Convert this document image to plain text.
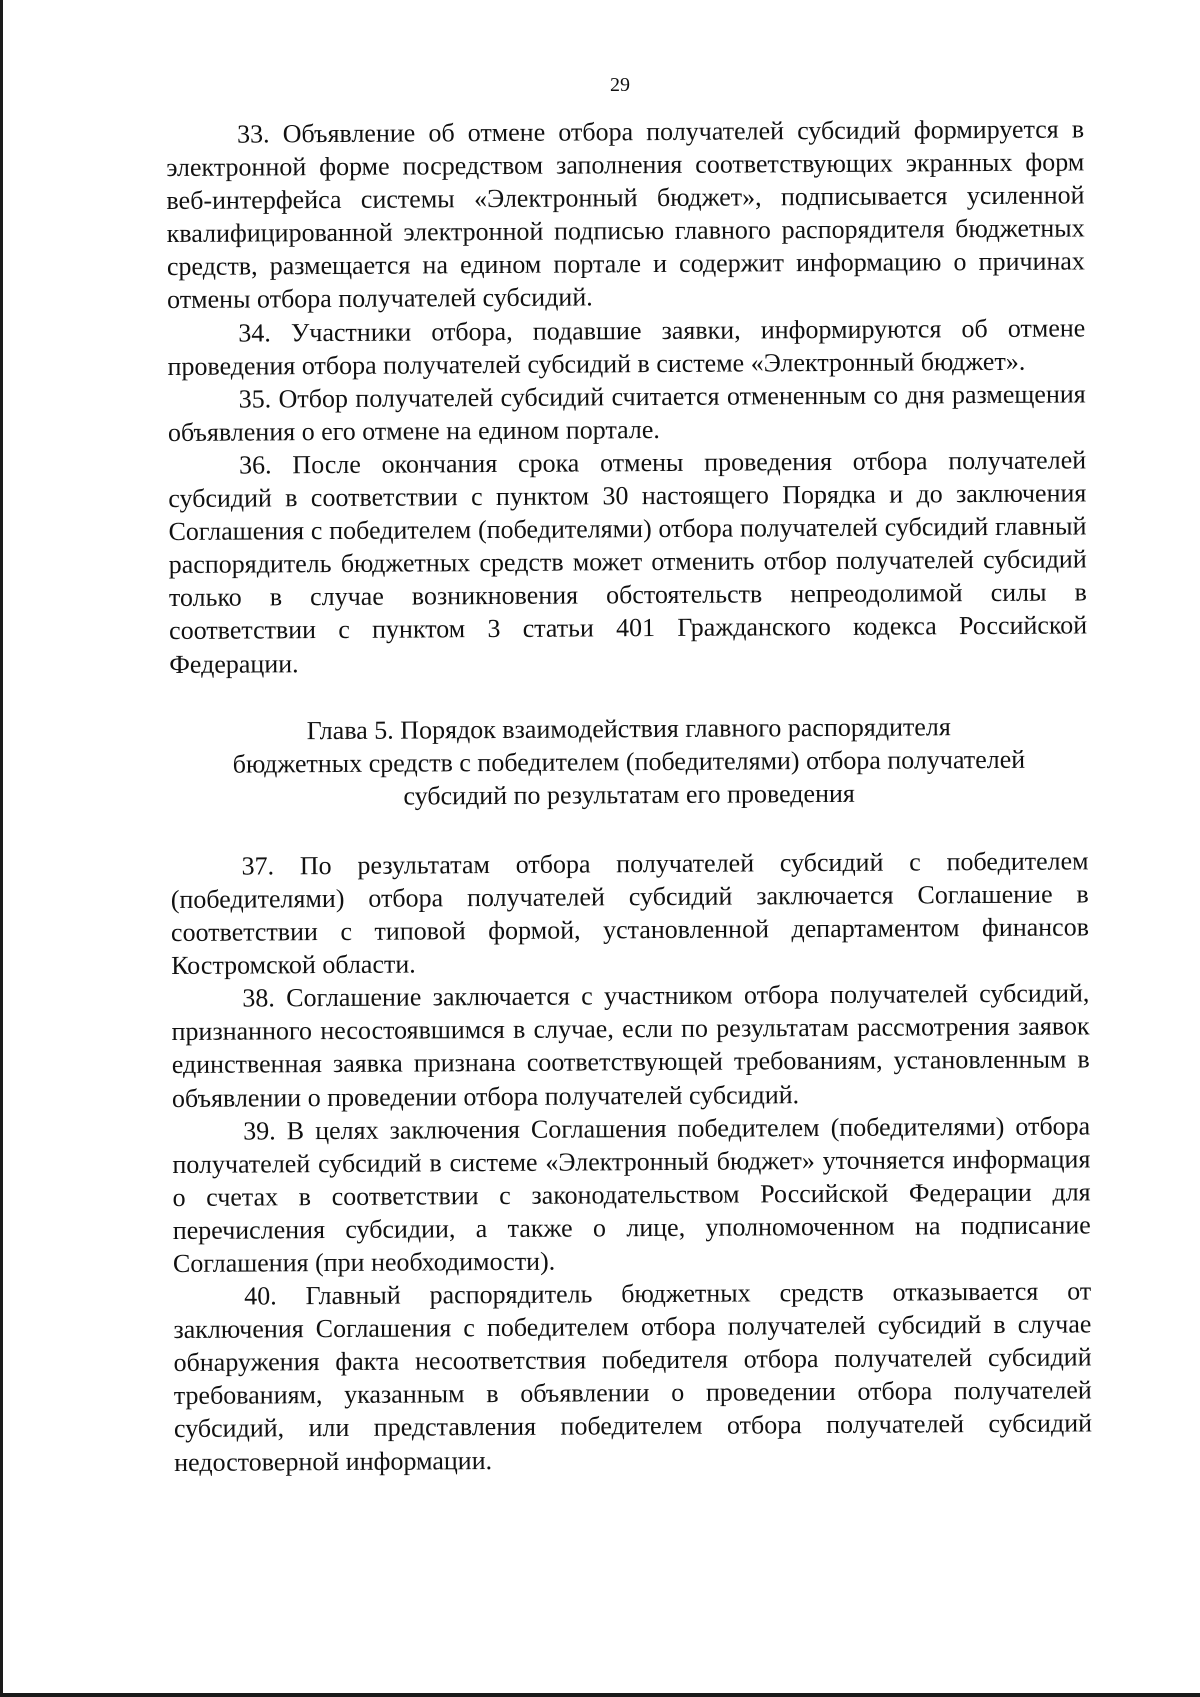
29

33. Объявление об отмене отбора получателей субсидий формируется в электронной форме посредством заполнения соответствующих экранных форм веб-интерфейса системы «Электронный бюджет», подписывается усиленной квалифицированной электронной подписью главного распорядителя бюджетных средств, размещается на едином портале и содержит информацию о причинах отмены отбора получателей субсидий.

34. Участники отбора, подавшие заявки, информируются об отмене проведения отбора получателей субсидий в системе «Электронный бюджет».

35. Отбор получателей субсидий считается отмененным со дня размещения объявления о его отмене на едином портале.

36. После окончания срока отмены проведения отбора получателей субсидий в соответствии с пунктом 30 настоящего Порядка и до заключения Соглашения с победителем (победителями) отбора получателей субсидий главный распорядитель бюджетных средств может отменить отбор получателей субсидий только в случае возникновения обстоятельств непреодолимой силы в соответствии с пунктом 3 статьи 401 Гражданского кодекса Российской Федерации.

Глава 5. Порядок взаимодействия главного распорядителя
бюджетных средств с победителем (победителями) отбора получателей
субсидий по результатам его проведения

37. По результатам отбора получателей субсидий с победителем (победителями) отбора получателей субсидий заключается Соглашение в соответствии с типовой формой, установленной департаментом финансов Костромской области.

38. Соглашение заключается с участником отбора получателей субсидий, признанного несостоявшимся в случае, если по результатам рассмотрения заявок единственная заявка признана соответствующей требованиям, установленным в объявлении о проведении отбора получателей субсидий.

39. В целях заключения Соглашения победителем (победителями) отбора получателей субсидий в системе «Электронный бюджет» уточняется информация о счетах в соответствии с законодательством Российской Федерации для перечисления субсидии, а также о лице, уполномоченном на подписание Соглашения (при необходимости).

40. Главный распорядитель бюджетных средств отказывается от заключения Соглашения с победителем отбора получателей субсидий в случае обнаружения факта несоответствия победителя отбора получателей субсидий требованиям, указанным в объявлении о проведении отбора получателей субсидий, или представления победителем отбора получателей субсидий недостоверной информации.
